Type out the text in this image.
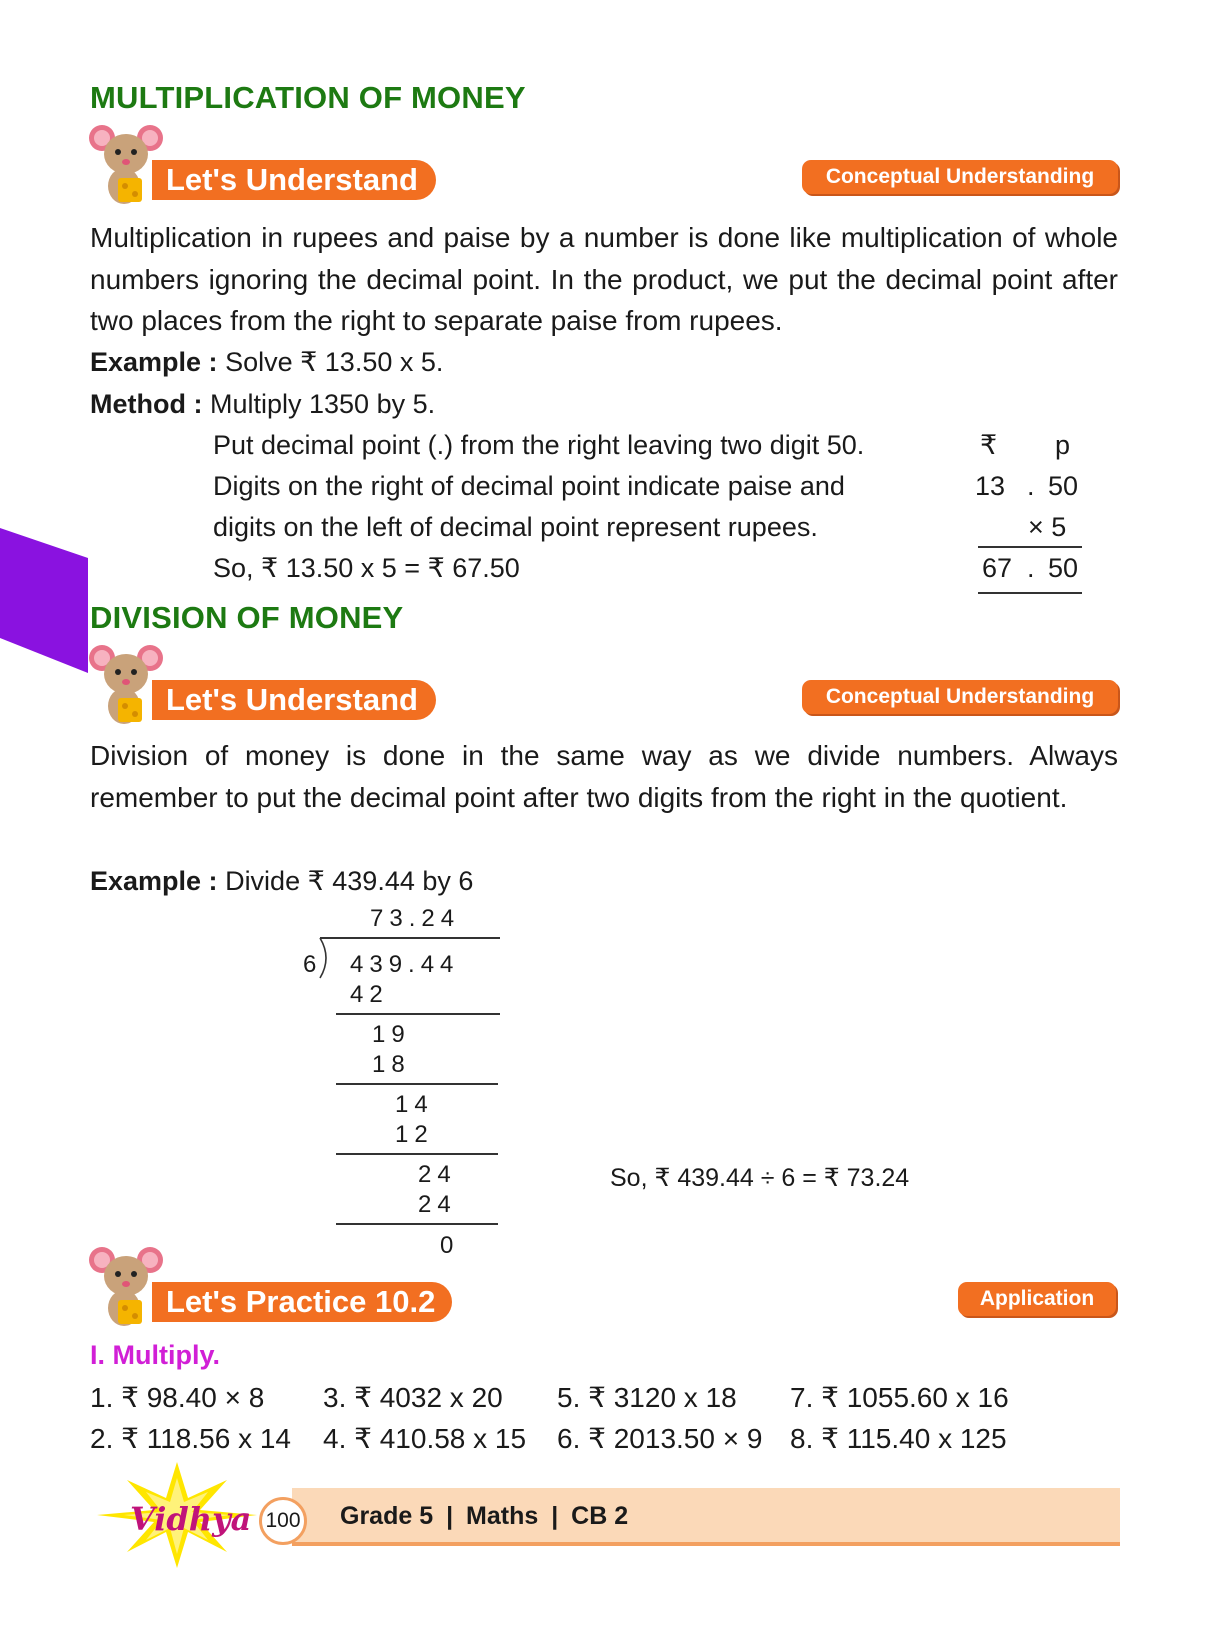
MULTIPLICATION OF MONEY
Let's Understand	Conceptual Understanding
Multiplication in rupees and paise by a number is done like multiplication of whole numbers ignoring the decimal point. In the product, we put the decimal point after two places from the right to separate paise from rupees.
Example : Solve ₹ 13.50 x 5.
Method : Multiply 1350 by 5.
Put decimal point (.) from the right leaving two digit 50.
Digits on the right of decimal point indicate paise and
digits on the left of decimal point represent rupees.
So, ₹ 13.50 x 5 = ₹ 67.50
₹ p
13 . 50
× 5
67 . 50
DIVISION OF MONEY
Let's Understand	Conceptual Understanding
Division of money is done in the same way as we divide numbers. Always remember to put the decimal point after two digits from the right in the quotient.
Example : Divide ₹ 439.44 by 6
73.24
6 439.44
42
19
18
14
12
24
24
0
So, ₹ 439.44 ÷ 6 = ₹ 73.24
Let's Practice 10.2	Application
I. Multiply.
1. ₹ 98.40 × 8 3. ₹ 4032 x 20 5. ₹ 3120 x 18 7. ₹ 1055.60 x 16
2. ₹ 118.56 x 14 4. ₹ 410.58 x 15 6. ₹ 2013.50 × 9 8. ₹ 115.40 x 125
Vidhya 100 Grade 5 | Maths | CB 2
